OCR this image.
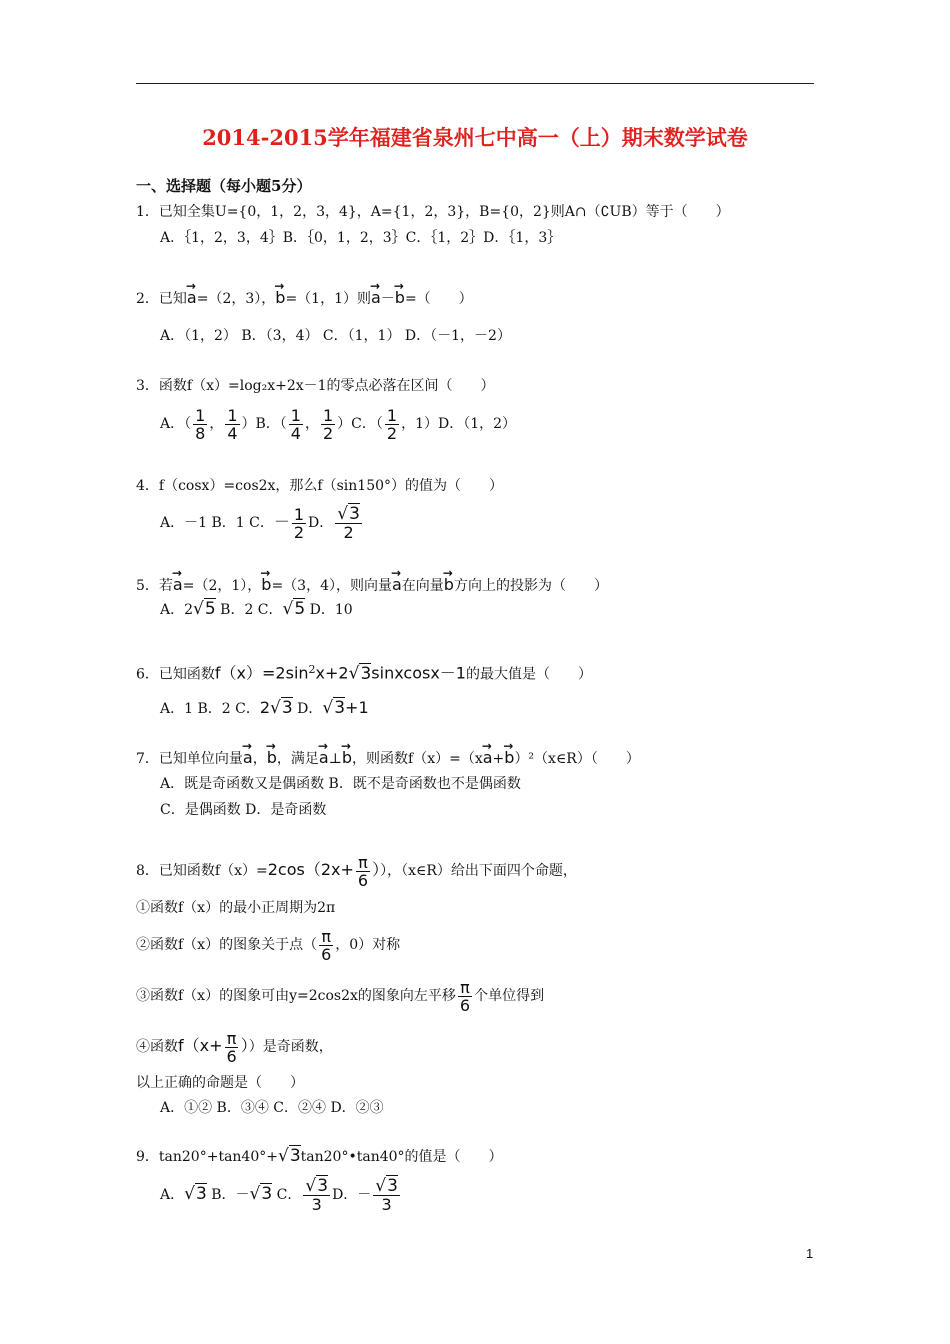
2014-2015学年福建省泉州七中高一（上）期末数学试卷
一、选择题（每小题5分）
1．已知全集U={0，1，2，3，4}，A={1，2，3}，B={0，2}则A∩（∁UB）等于（　　）
A．｛1，2，3，4｝B．｛0，1，2，3｝C．｛1，2｝D．｛1，3｝
2．已知→ a=（2，3），→ b=（1，1）则→ a－→ b=（　　）
A．（1，2） B．（3，4） C．（1，1） D．（－1，－2）
3．函数f（x）=log₂x+2x－1的零点必落在区间（　　）
A．（ $\frac{1}{8}$ ， $\frac{1}{4} )B$．（ $\frac{1}{4}$ ， $\frac{1}{2} )C$．（ $\frac{1}{2}$ ，1）D．（1，2）
4．f（cosx）=cos2x，那么f（sin150°）的值为（　　）
A．－1 B．1 C．－ $\frac{1}{2}$ D． $\frac{√3}{2}$
5．若→ a=（2，1），→ b=（3，4），则向量→ a在向量→ b方向上的投影为（　　）
A．2√5 B．2 C．√5 D．10
6．已知函数$f(x)=2\sin^2x+2√3sinxcosx-1$的最大值是（　　）
A．1 B．2 C．2√3 D．√3+1
7．已知单位向量→ a，→ b，满足→ a⊥→ b，则函数f（x）=（x→ a+→ b）²（x∈R）（　　）
A．既是奇函数又是偶函数 B．既不是奇函数也不是偶函数
C．是偶函数 D．是奇函数
8．已知函数$f(x)=2\cos(2x+ \frac{\pi}{6}$ ）），（x∈R）给出下面四个命题，
①函数f（x）的最小正周期为2π
②函数f（x）的图象关于点（ $\frac{\pi}{6}$ ，0）对称
③函数f（x）的图象可由y=2cos2x的图象向左平移 $\frac{\pi}{6}$ 个单位得到
④函数$f(x+ \frac{\pi}{6}$ ））是奇函数，
以上正确的命题是（　　）
A．①② B．③④ C．②④ D．②③
9．tan20°+tan40°+√3tan20°•tan40°的值是（　　）
A．√3 B．－√3 C． $\frac{√3}{3}$ D．－ $\frac{√3}{3}$
1
